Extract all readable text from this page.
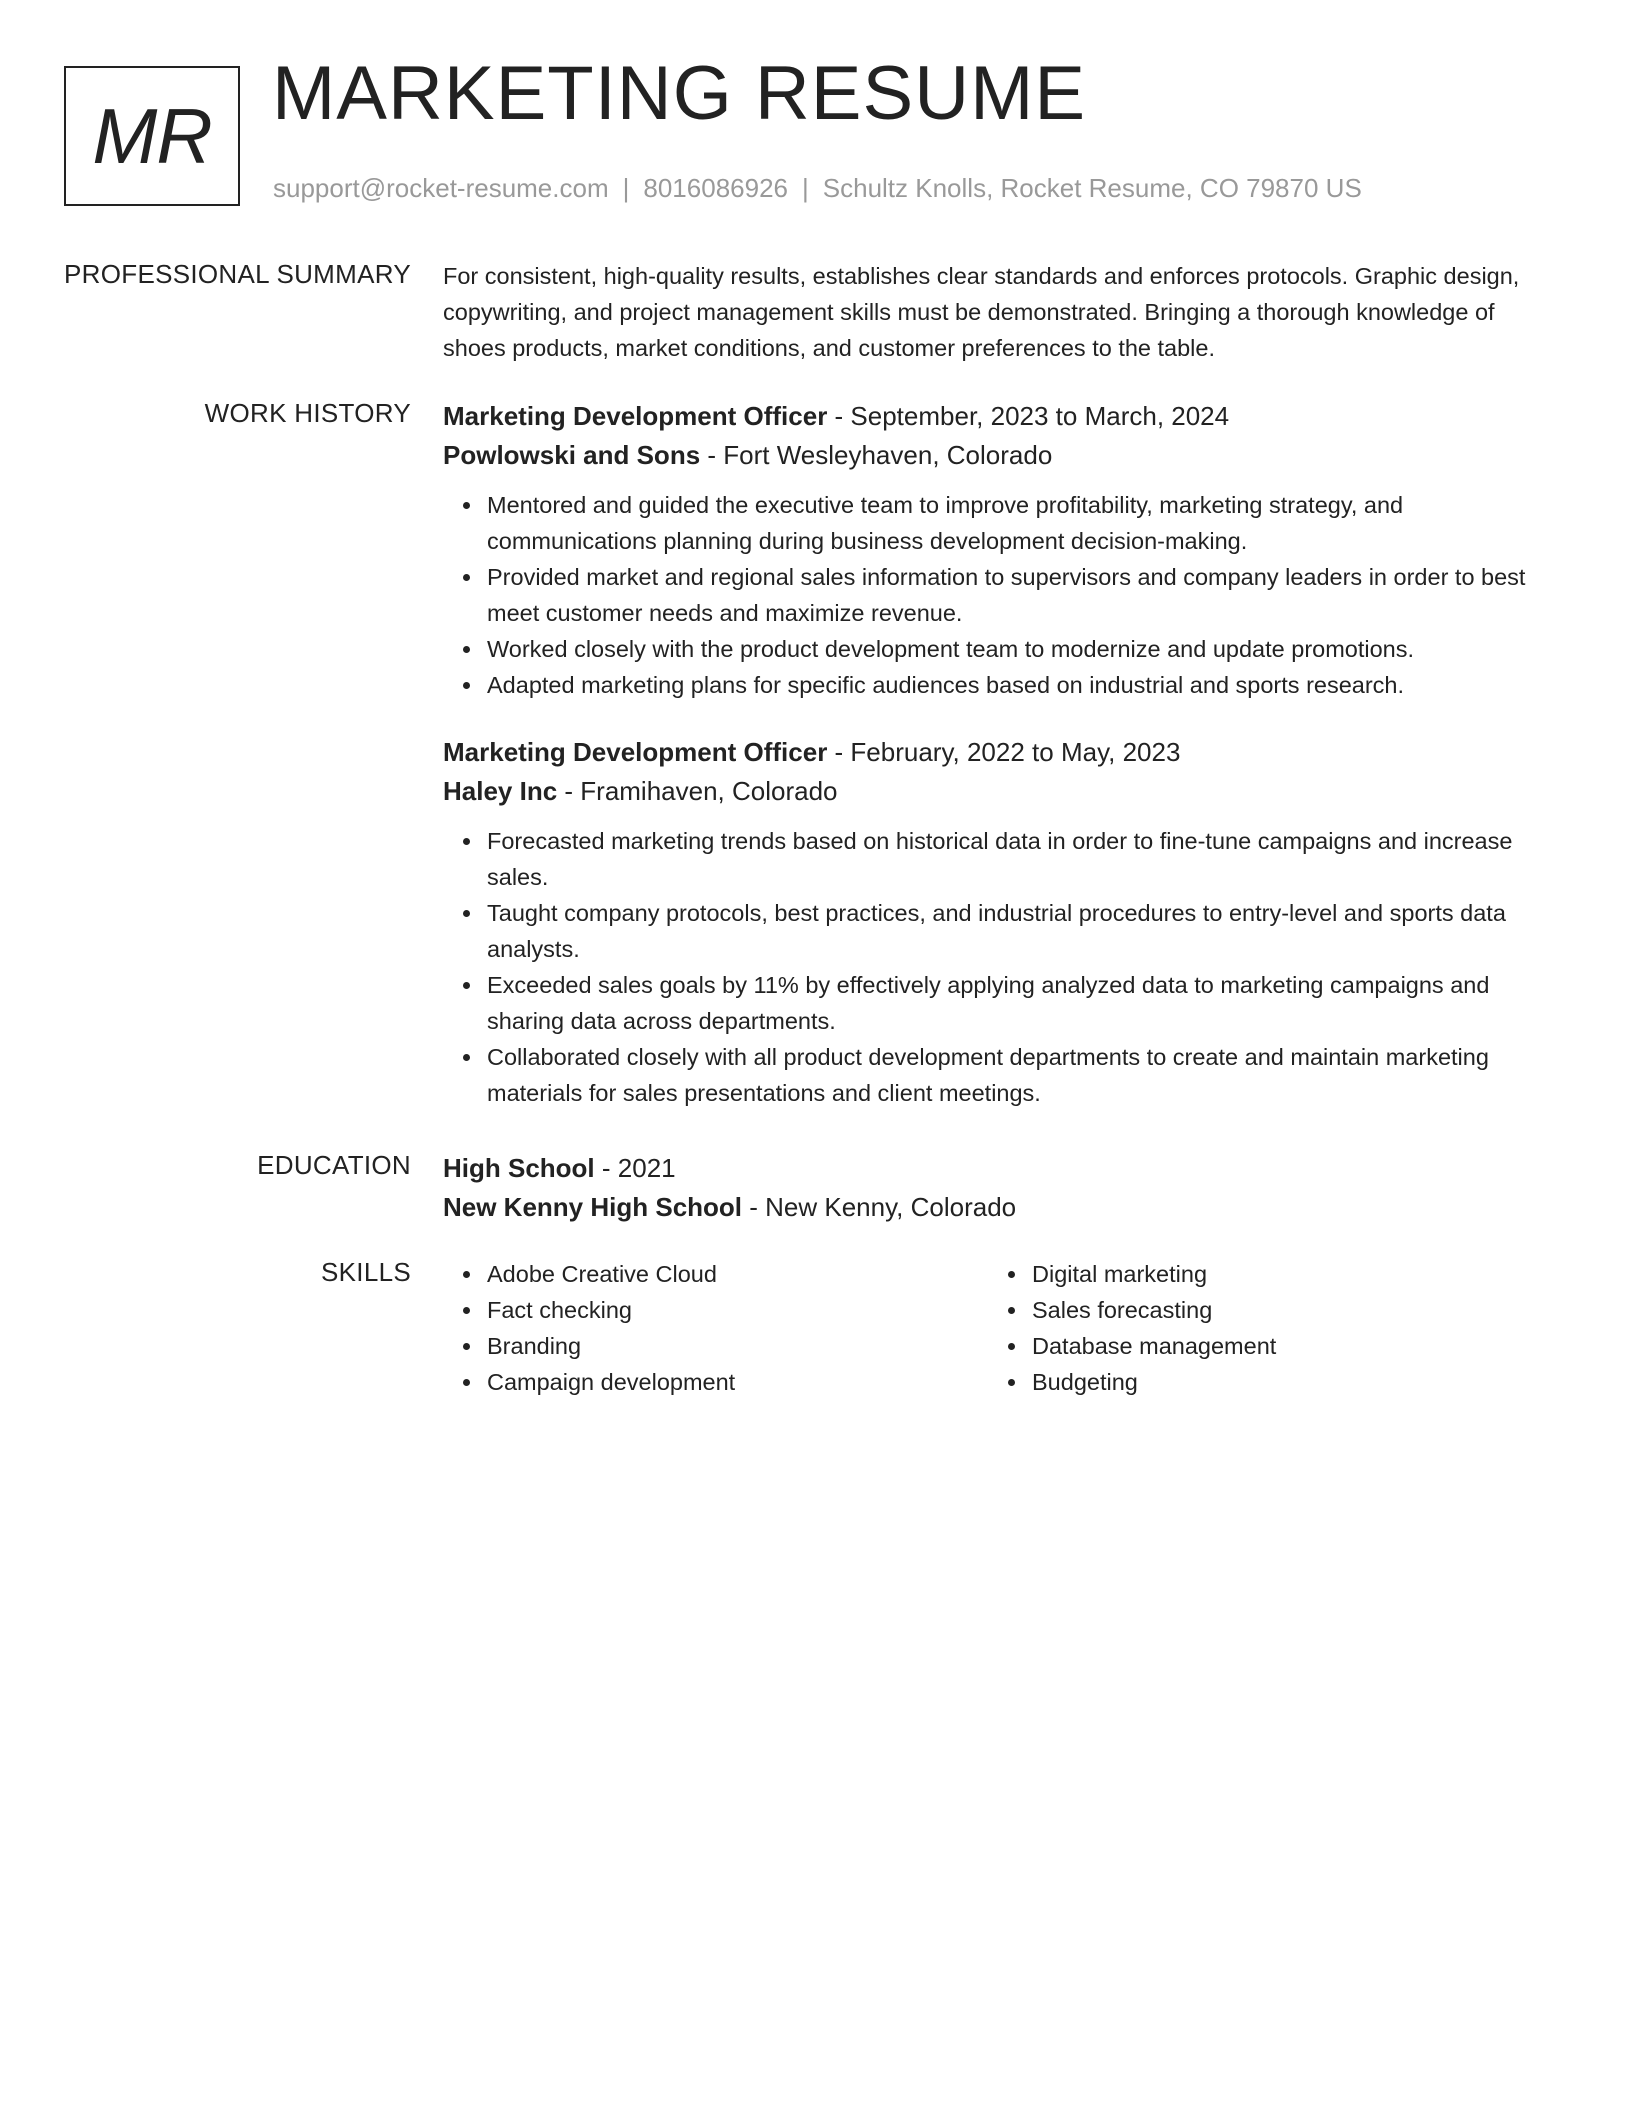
MR MARKETING RESUME
support@rocket-resume.com | 8016086926 | Schultz Knolls, Rocket Resume, CO 79870 US
PROFESSIONAL SUMMARY For consistent, high-quality results, establishes clear standards and enforces protocols. Graphic design, copywriting, and project management skills must be demonstrated. Bringing a thorough knowledge of shoes products, market conditions, and customer preferences to the table.

WORK HISTORY Marketing Development Officer - September, 2023 to March, 2024
Powlowski and Sons - Fort Wesleyhaven, Colorado
Mentored and guided the executive team to improve profitability, marketing strategy, and communications planning during business development decision-making.
Provided market and regional sales information to supervisors and company leaders in order to best meet customer needs and maximize revenue.
Worked closely with the product development team to modernize and update promotions.
Adapted marketing plans for specific audiences based on industrial and sports research.
Marketing Development Officer - February, 2022 to May, 2023
Haley Inc - Framihaven, Colorado
Forecasted marketing trends based on historical data in order to fine-tune campaigns and increase sales.
Taught company protocols, best practices, and industrial procedures to entry-level and sports data analysts.
Exceeded sales goals by 11% by effectively applying analyzed data to marketing campaigns and sharing data across departments.
Collaborated closely with all product development departments to create and maintain marketing materials for sales presentations and client meetings.
EDUCATION High School - 2021
New Kenny High School - New Kenny, Colorado
SKILLS	Adobe Creative Cloud
Fact checking
Branding
Campaign development
Digital marketing
Sales forecasting
Database management
Budgeting
